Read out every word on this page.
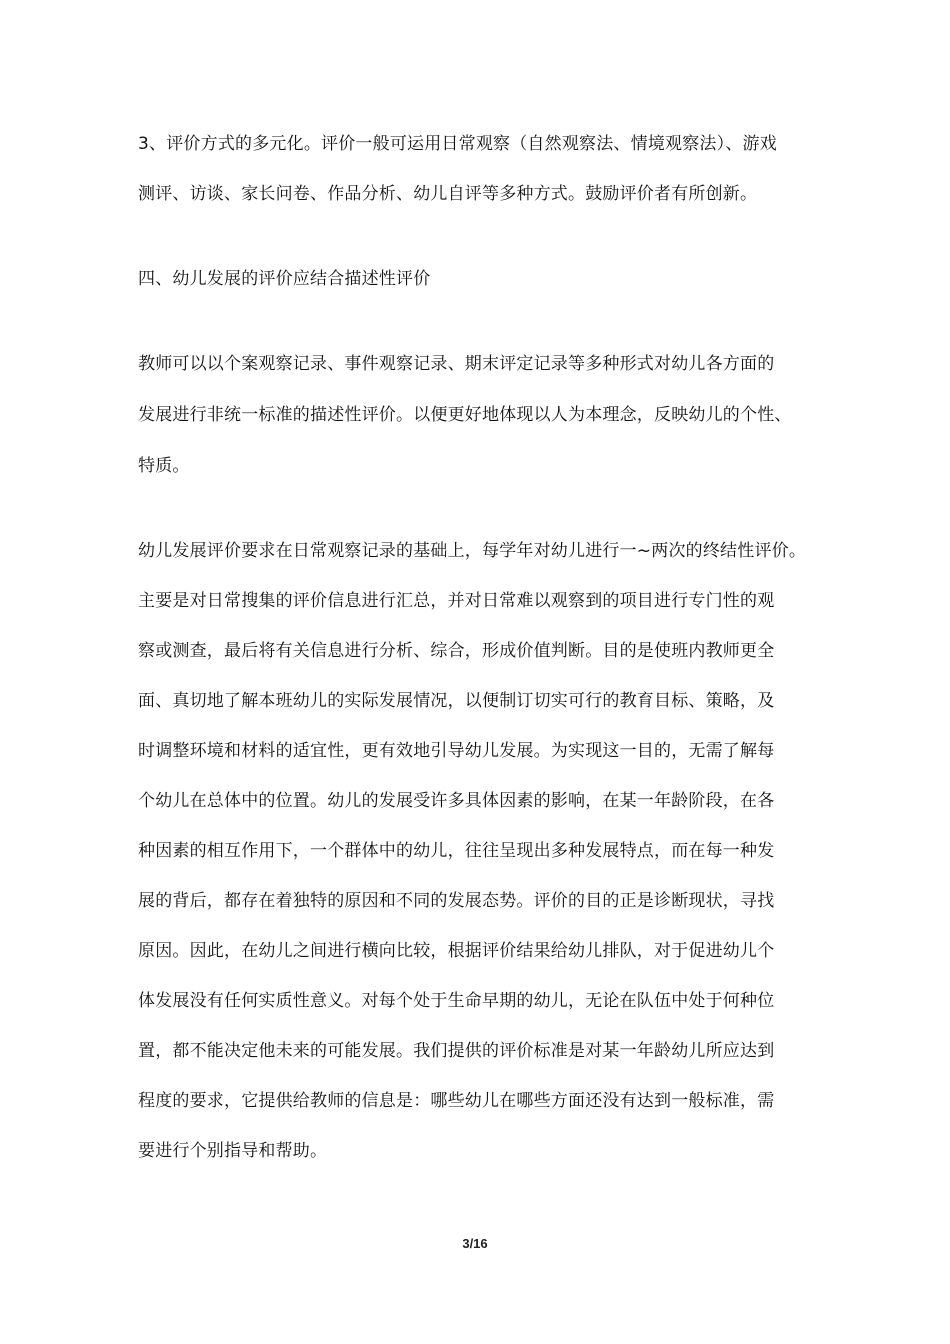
3、评价方式的多元化。评价一般可运用日常观察（自然观察法、情境观察法）、游戏
测评、访谈、家长问卷、作品分析、幼儿自评等多种方式。鼓励评价者有所创新。
四、幼儿发展的评价应结合描述性评价
教师可以以个案观察记录、事件观察记录、期末评定记录等多种形式对幼儿各方面的
发展进行非统一标准的描述性评价。以便更好地体现以人为本理念，反映幼儿的个性、
特质。
幼儿发展评价要求在日常观察记录的基础上，每学年对幼儿进行一~两次的终结性评价。
主要是对日常搜集的评价信息进行汇总，并对日常难以观察到的项目进行专门性的观
察或测查，最后将有关信息进行分析、综合，形成价值判断。目的是使班内教师更全
面、真切地了解本班幼儿的实际发展情况，以便制订切实可行的教育目标、策略，及
时调整环境和材料的适宜性，更有效地引导幼儿发展。为实现这一目的，无需了解每
个幼儿在总体中的位置。幼儿的发展受许多具体因素的影响，在某一年龄阶段，在各
种因素的相互作用下，一个群体中的幼儿，往往呈现出多种发展特点，而在每一种发
展的背后，都存在着独特的原因和不同的发展态势。评价的目的正是诊断现状，寻找
原因。因此，在幼儿之间进行横向比较，根据评价结果给幼儿排队，对于促进幼儿个
体发展没有任何实质性意义。对每个处于生命早期的幼儿，无论在队伍中处于何种位
置，都不能决定他未来的可能发展。我们提供的评价标准是对某一年龄幼儿所应达到
程度的要求，它提供给教师的信息是：哪些幼儿在哪些方面还没有达到一般标准，需
要进行个别指导和帮助。
3/16
